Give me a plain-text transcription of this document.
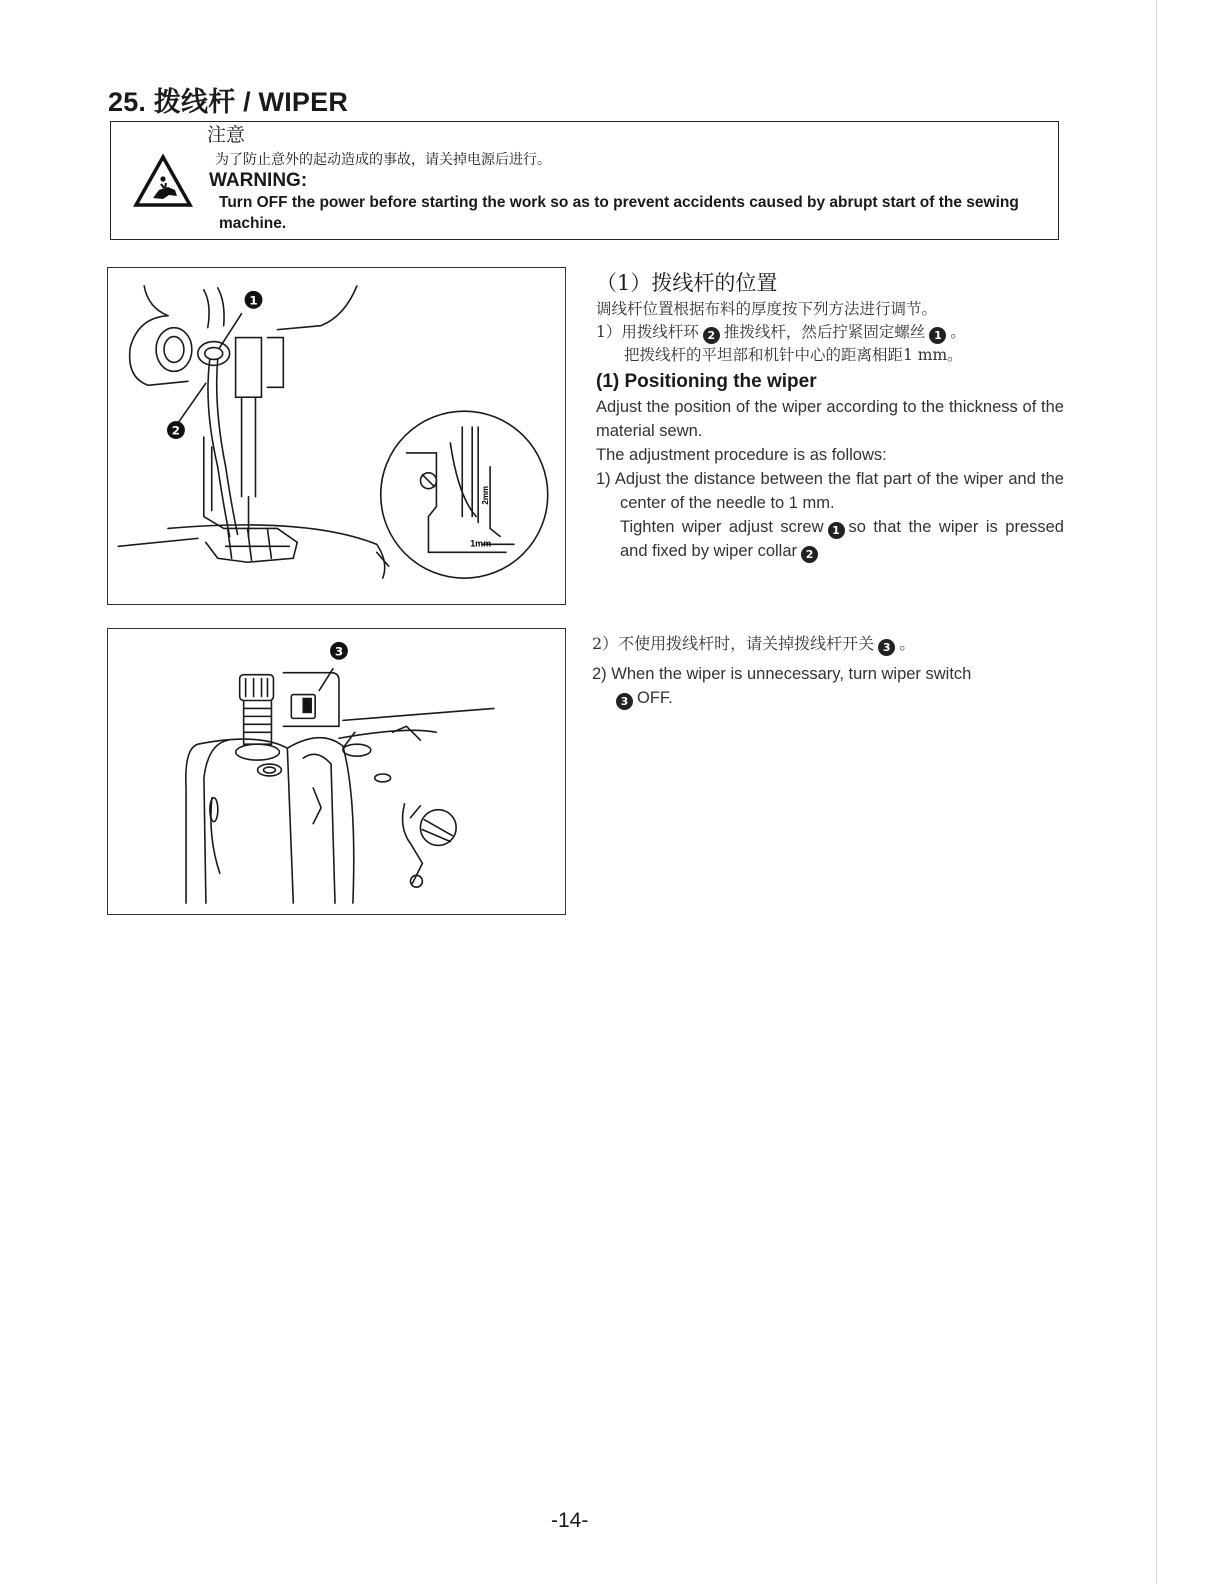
25. 拨线杆 / WIPER
注意
为了防止意外的起动造成的事故，请关掉电源后进行。
WARNING:
Turn OFF the power before starting the work so as to prevent accidents caused by abrupt start of the sewing machine.
1
2
2mm
1mm
3
（1）拨线杆的位置
调线杆位置根据布料的厚度按下列方法进行调节。
1）用拨线杆环 2 推拨线杆，然后拧紧固定螺丝 1 。
把拨线杆的平坦部和机针中心的距离相距1 mm。
(1) Positioning the wiper
Adjust the position of the wiper according to the thickness of the material sewn.
The adjustment procedure is as follows:
1) Adjust the distance between the flat part of the wiper and the center of the needle to 1 mm.
Tighten wiper adjust screw 1 so that the wiper is pressed and fixed by wiper collar 2
2）不使用拨线杆时，请关掉拨线杆开关 3 。
2) When the wiper is unnecessary, turn wiper switch
3 OFF.
-14-
